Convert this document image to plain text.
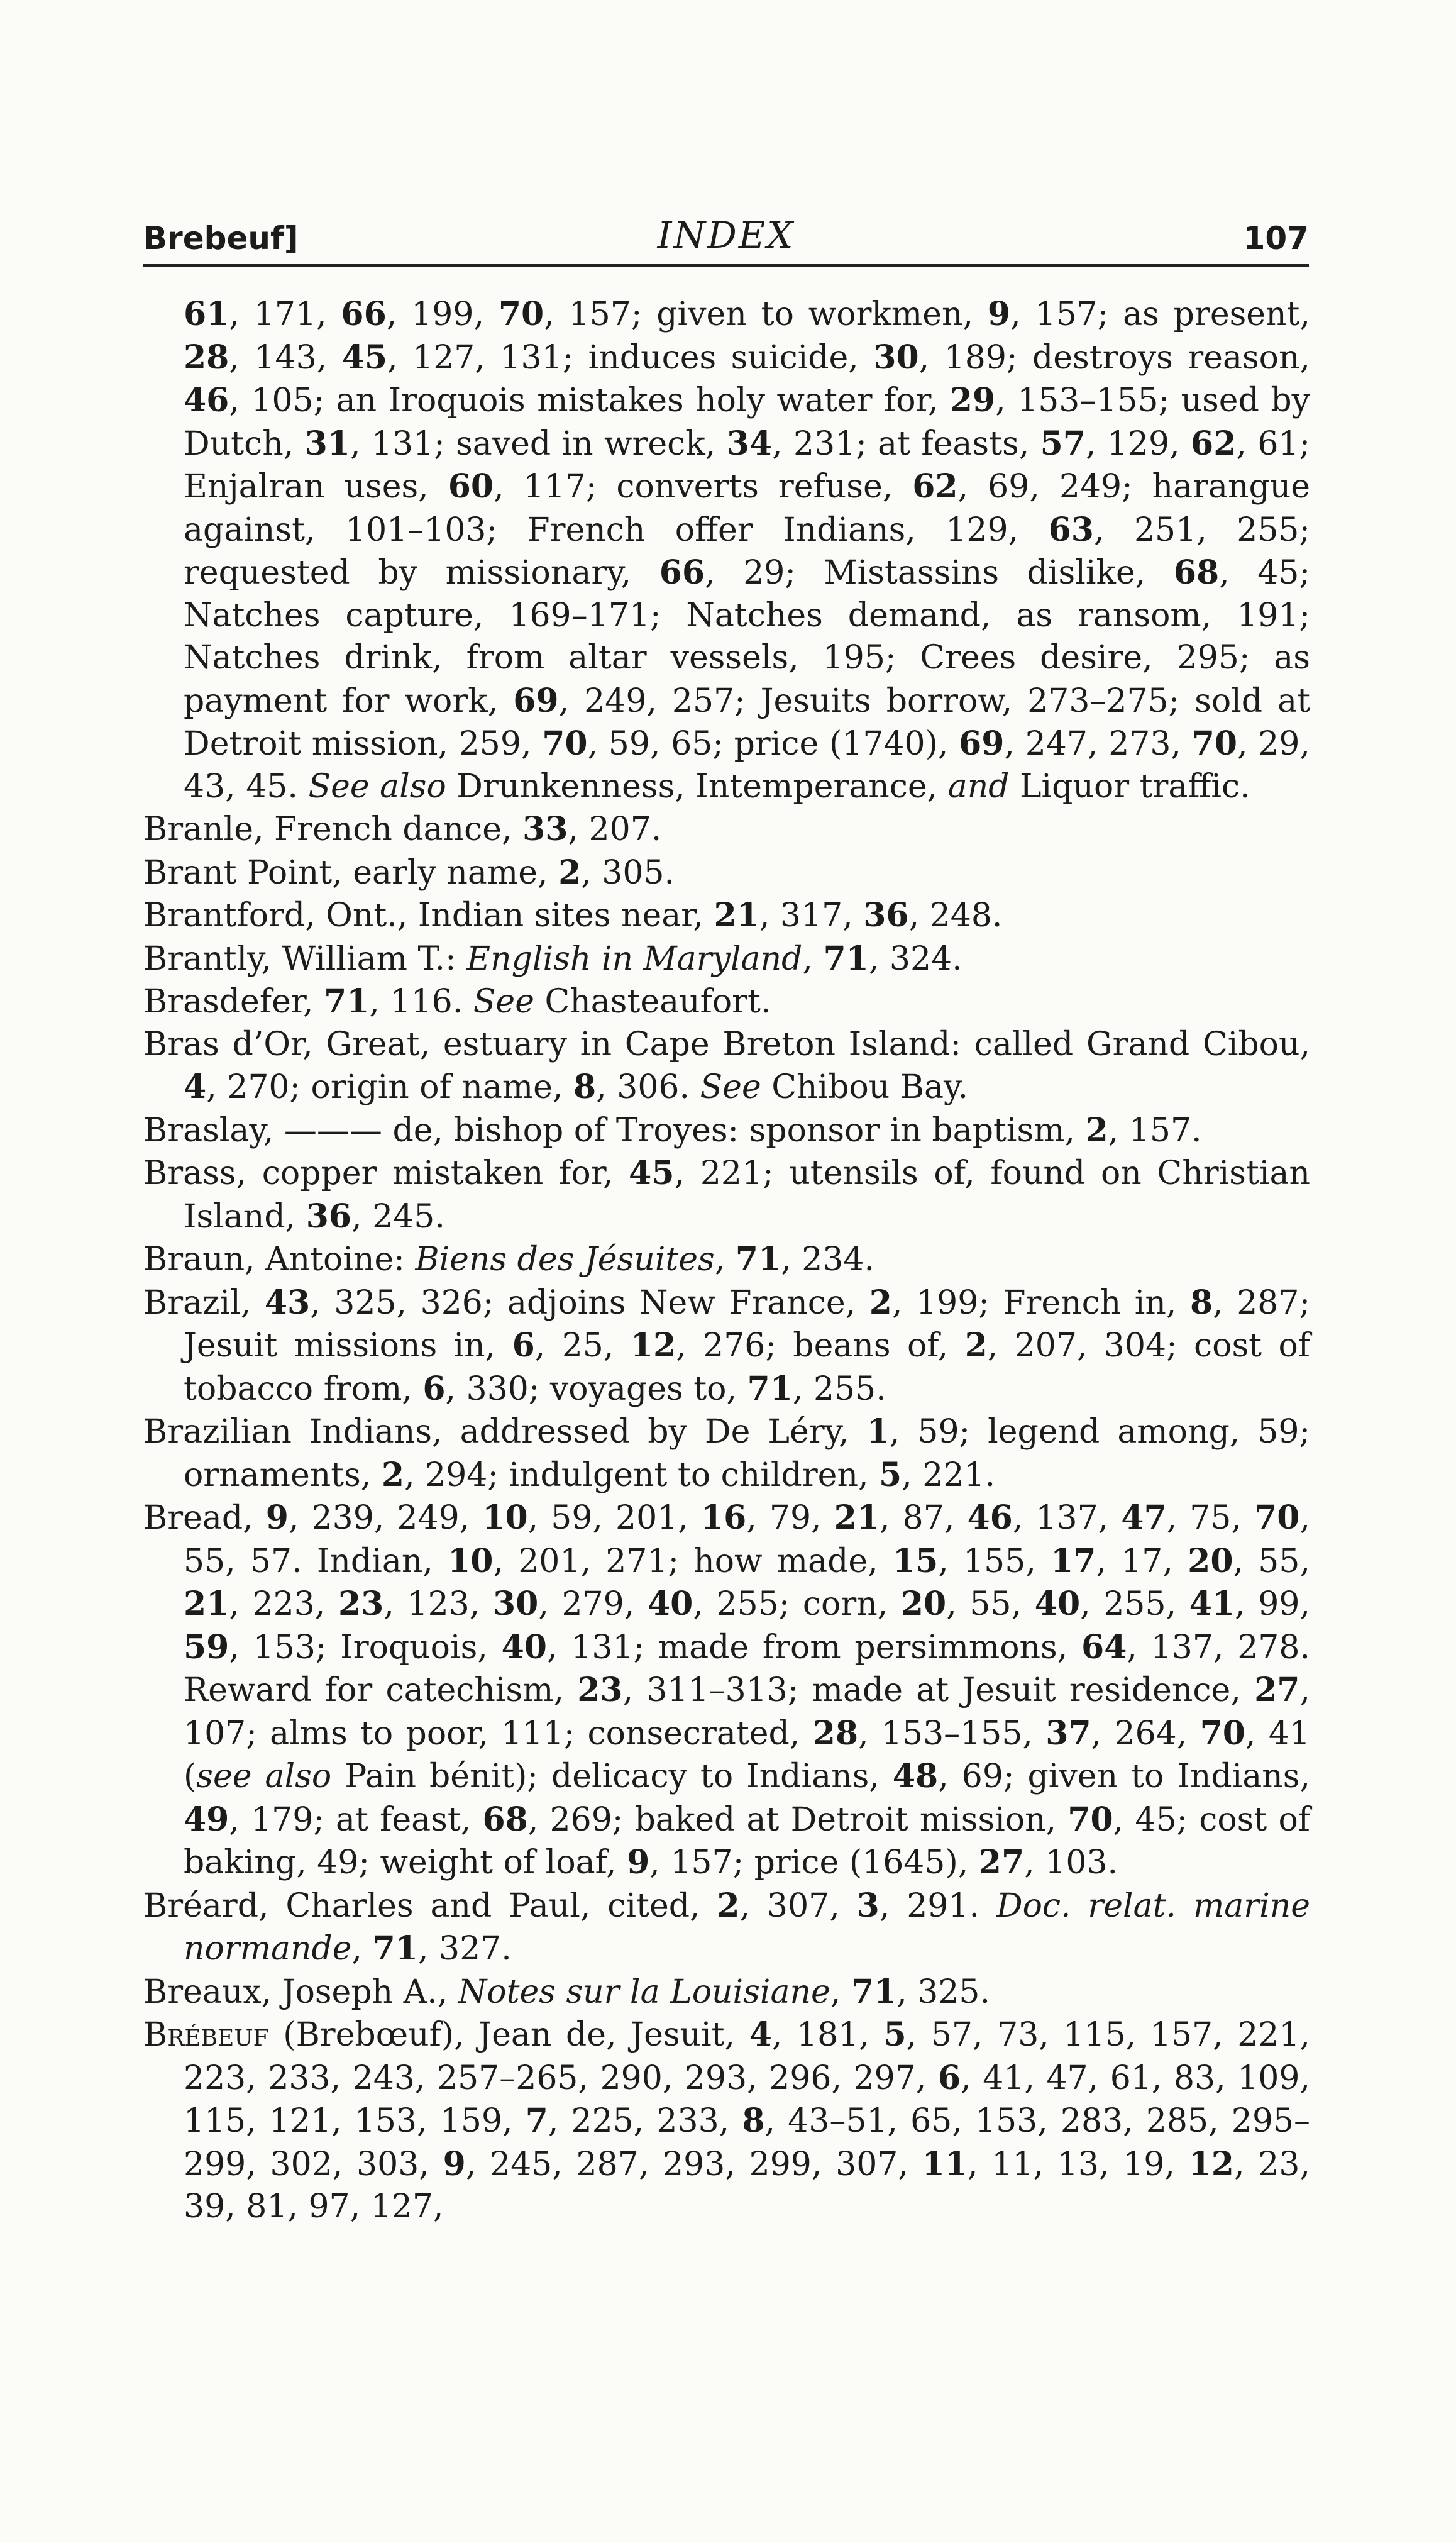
Brebeuf]	INDEX	107
61, 171, 66, 199, 70, 157; given to workmen, 9, 157; as present, 28, 143, 45, 127, 131; induces suicide, 30, 189; destroys reason, 46, 105; an Iroquois mistakes holy water for, 29, 153–155; used by Dutch, 31, 131; saved in wreck, 34, 231; at feasts, 57, 129, 62, 61; Enjalran uses, 60, 117; converts refuse, 62, 69, 249; harangue against, 101–103; French offer Indians, 129, 63, 251, 255; requested by missionary, 66, 29; Mistassins dislike, 68, 45; Natches capture, 169–171; Natches demand, as ransom, 191; Natches drink, from altar vessels, 195; Crees desire, 295; as payment for work, 69, 249, 257; Jesuits borrow, 273–275; sold at Detroit mission, 259, 70, 59, 65; price (1740), 69, 247, 273, 70, 29, 43, 45. See also Drunkenness, Intemperance, and Liquor traffic.
Branle, French dance, 33, 207.
Brant Point, early name, 2, 305.
Brantford, Ont., Indian sites near, 21, 317, 36, 248.
Brantly, William T.: English in Maryland, 71, 324.
Brasdefer, 71, 116. See Chasteaufort.
Bras d’Or, Great, estuary in Cape Breton Island: called Grand Cibou, 4, 270; origin of name, 8, 306. See Chibou Bay.
Braslay, ——— de, bishop of Troyes: sponsor in baptism, 2, 157.
Brass, copper mistaken for, 45, 221; utensils of, found on Christian Island, 36, 245.
Braun, Antoine: Biens des Jésuites, 71, 234.
Brazil, 43, 325, 326; adjoins New France, 2, 199; French in, 8, 287; Jesuit missions in, 6, 25, 12, 276; beans of, 2, 207, 304; cost of tobacco from, 6, 330; voyages to, 71, 255.
Brazilian Indians, addressed by De Léry, 1, 59; legend among, 59; ornaments, 2, 294; indulgent to children, 5, 221.
Bread, 9, 239, 249, 10, 59, 201, 16, 79, 21, 87, 46, 137, 47, 75, 70, 55, 57. Indian, 10, 201, 271; how made, 15, 155, 17, 17, 20, 55, 21, 223, 23, 123, 30, 279, 40, 255; corn, 20, 55, 40, 255, 41, 99, 59, 153; Iroquois, 40, 131; made from persimmons, 64, 137, 278. Reward for catechism, 23, 311–313; made at Jesuit residence, 27, 107; alms to poor, 111; consecrated, 28, 153–155, 37, 264, 70, 41 (see also Pain bénit); delicacy to Indians, 48, 69; given to Indians, 49, 179; at feast, 68, 269; baked at Detroit mission, 70, 45; cost of baking, 49; weight of loaf, 9, 157; price (1645), 27, 103.
Bréard, Charles and Paul, cited, 2, 307, 3, 291. Doc. relat. marine normande, 71, 327.
Breaux, Joseph A., Notes sur la Louisiane, 71, 325.
Brébeuf (Brebœuf), Jean de, Jesuit, 4, 181, 5, 57, 73, 115, 157, 221, 223, 233, 243, 257–265, 290, 293, 296, 297, 6, 41, 47, 61, 83, 109, 115, 121, 153, 159, 7, 225, 233, 8, 43–51, 65, 153, 283, 285, 295–299, 302, 303, 9, 245, 287, 293, 299, 307, 11, 11, 13, 19, 12, 23, 39, 81, 97, 127,
